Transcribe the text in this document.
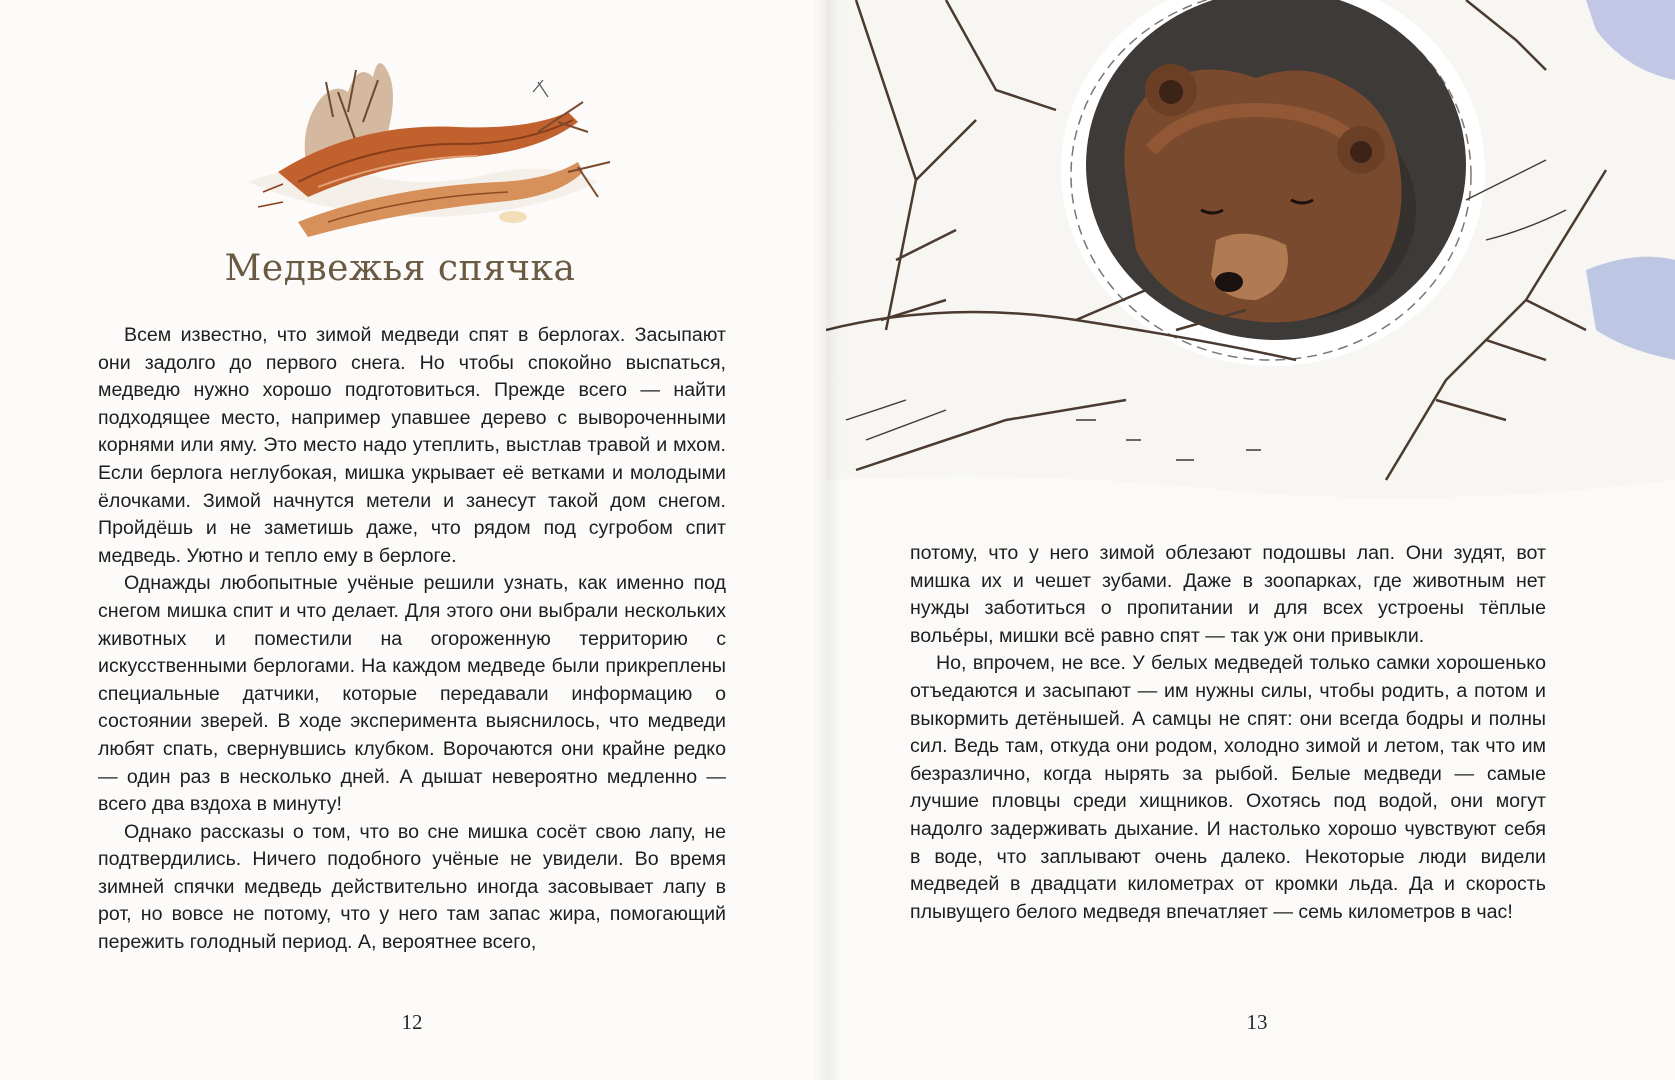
Медвежья спячка

Всем известно, что зимой медведи спят в берлогах. Засыпают они задолго до первого снега. Но чтобы спокойно выспаться, медведю нужно хорошо подготовиться. Прежде всего — найти подходящее место, например упавшее дерево с вывороченными корнями или яму. Это место надо утеплить, выстлав травой и мхом. Если берлога неглубокая, мишка укрывает её ветками и молодыми ёлочками. Зимой начнутся метели и занесут такой дом снегом. Пройдёшь и не заметишь даже, что рядом под сугробом спит медведь. Уютно и тепло ему в берлоге.

Однажды любопытные учёные решили узнать, как именно под снегом мишка спит и что делает. Для этого они выбрали нескольких животных и поместили на огороженную территорию с искусственными берлогами. На каждом медведе были прикреплены специальные датчики, которые передавали информацию о состоянии зверей. В ходе эксперимента выяснилось, что медведи любят спать, свернувшись клубком. Ворочаются они крайне редко — один раз в несколько дней. А дышат невероятно медленно — всего два вздоха в минуту!

Однако рассказы о том, что во сне мишка сосёт свою лапу, не подтвердились. Ничего подобного учёные не увидели. Во время зимней спячки медведь действительно иногда засовывает лапу в рот, но вовсе не потому, что у него там запас жира, помогающий пережить голодный период. А, вероятнее всего,

12

потому, что у него зимой облезают подошвы лап. Они зудят, вот мишка их и чешет зубами. Даже в зоопарках, где животным нет нужды заботиться о пропитании и для всех устроены тёплые вольéры, мишки всё равно спят — так уж они привыкли.

Но, впрочем, не все. У белых медведей только самки хорошенько отъедаются и засыпают — им нужны силы, чтобы родить, а потом и выкормить детёнышей. А самцы не спят: они всегда бодры и полны сил. Ведь там, откуда они родом, холодно зимой и летом, так что им безразлично, когда нырять за рыбой. Белые медведи — самые лучшие пловцы среди хищников. Охотясь под водой, они могут надолго задерживать дыхание. И настолько хорошо чувствуют себя в воде, что заплывают очень далеко. Некоторые люди видели медведей в двадцати километрах от кромки льда. Да и скорость плывущего белого медведя впечатляет — семь километров в час!

13
